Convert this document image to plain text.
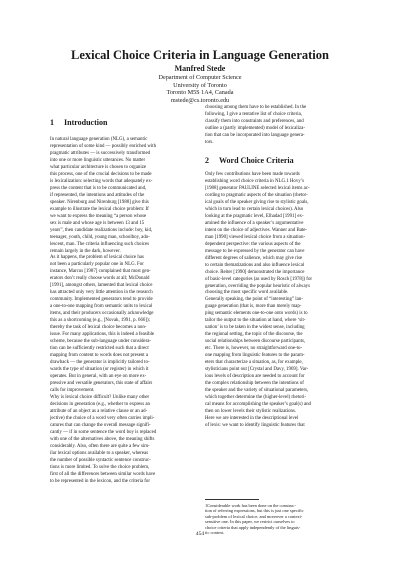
Lexical Choice Criteria in Language Generation
Manfred Stede
Department of Computer Science
University of Toronto
Toronto M5S 1A4, Canada
mstede@cs.toronto.edu
1 Introduction
2 Word Choice Criteria
In natural language generation (NLG), a semantic
representation of some kind — possibly enriched with
pragmatic attributes — is successively transformed
into one or more linguistic utterances. No matter
what particular architecture is chosen to organize
this process, one of the crucial decisions to be made
is lexicalization: selecting words that adequately ex-
press the content that is to be communicated and,
if represented, the intentions and attitudes of the
speaker. Nirenburg and Nirenburg [1988] give this
example to illustrate the lexical choice problem: If
we want to express the meaning “a person whose
sex is male and whose age is between 13 and 15
years”, then candidate realizations include: boy, kid,
teenager, youth, child, young man, schoolboy, ado-
lescent, man. The criteria influencing such choices
remain largely in the dark, however.
As it happens, the problem of lexical choice has
not been a particularly popular one in NLG. For
instance, Marcus [1987] complained that most gen-
erators don’t really choose words at all; McDonald
[1991], amongst others, lamented that lexical choice
has attracted only very little attention in the research
community. Implemented generators tend to provide
a one-to-one mapping from semantic units to lexical
items, and their producers occasionally acknowledge
this as a shortcoming (e.g., [Novak, 1991, p. 666]);
thereby the task of lexical choice becomes a non-
issue. For many applications, this is indeed a feasible
scheme, because the sub-language under considera-
tion can be sufficiently restricted such that a direct
mapping from content to words does not present a
drawback — the generator is implicitly tailored to-
wards the type of situation (or register) in which it
operates. But in general, with an eye on more ex-
pressive and versatile generators, this state of affairs
calls for improvement.
Why is lexical choice difficult? Unlike many other
decisions in generation (e.g., whether to express an
attribute of an object as a relative clause or an ad-
jective) the choice of a word very often carries impli-
catures that can change the overall message signifi-
cantly — if in some sentence the word boy is replaced
with one of the alternatives above, the meaning shifts
considerably. Also, often there are quite a few sim-
ilar lexical options available to a speaker, whereas
the number of possible syntactic sentence construc-
tions is more limited. To solve the choice problem,
first of all the differences between similar words have
to be represented in the lexicon, and the criteria for
choosing among them have to be established. In the
following, I give a tentative list of choice criteria,
classify them into constraints and preferences, and
outline a (partly implemented) model of lexicaliza-
tion that can be incorporated into language genera-
tors.
Only few contributions have been made towards
establishing word choice criteria in NLG.1 Hovy’s
[1988] generator PAULINE selected lexical items ac-
cording to pragmatic aspects of the situation (rhetor-
ical goals of the speaker giving rise to stylistic goals,
which in turn lead to certain lexical choices). Also
looking at the pragmatic level, Elhadad [1991] ex-
amined the influence of a speaker’s argumentative
intent on the choice of adjectives. Wanner and Bate-
man [1990] viewed lexical choice from a situation-
dependent perspective: the various aspects of the
message to be expressed by the generator can have
different degrees of salience, which may give rise
to certain thematizations and also influence lexical
choice. Reiter [1990] demonstrated the importance
of basic-level categories (as used by Rosch [1978]) for
generation, overriding the popular heuristic of always
choosing the most specific word available.
Generally speaking, the point of “interesting” lan-
guage generation (that is, more than merely map-
ping semantic elements one-to-one onto words) is to
tailor the output to the situation at hand, where ‘sit-
uation’ is to be taken in the widest sense, including
the regional setting, the topic of the discourse, the
social relationships between discourse participants,
etc. There is, however, no straightforward one-to-
one mapping from linguistic features to the param-
eters that characterize a situation, as, for example,
stylisticians point out [Crystal and Davy, 1969]. Var-
ious levels of description are needed to account for
the complex relationship between the intentions of
the speaker and the variety of situational parameters,
which together determine the (higher-level) rhetori-
cal means for accomplishing the speaker’s goal(s) and
then on lower levels their stylistic realizations.
Here we are interested in the descriptional level
of lexis: we want to identify linguistic features that
1Considerable work has been done on the construc-
tion of referring expressions, but this is just one specific
sub-problem of lexical choice, and moreover a context-
sensitive one. In this paper, we restrict ourselves to
choice criteria that apply independently of the linguis-
tic context.
454
